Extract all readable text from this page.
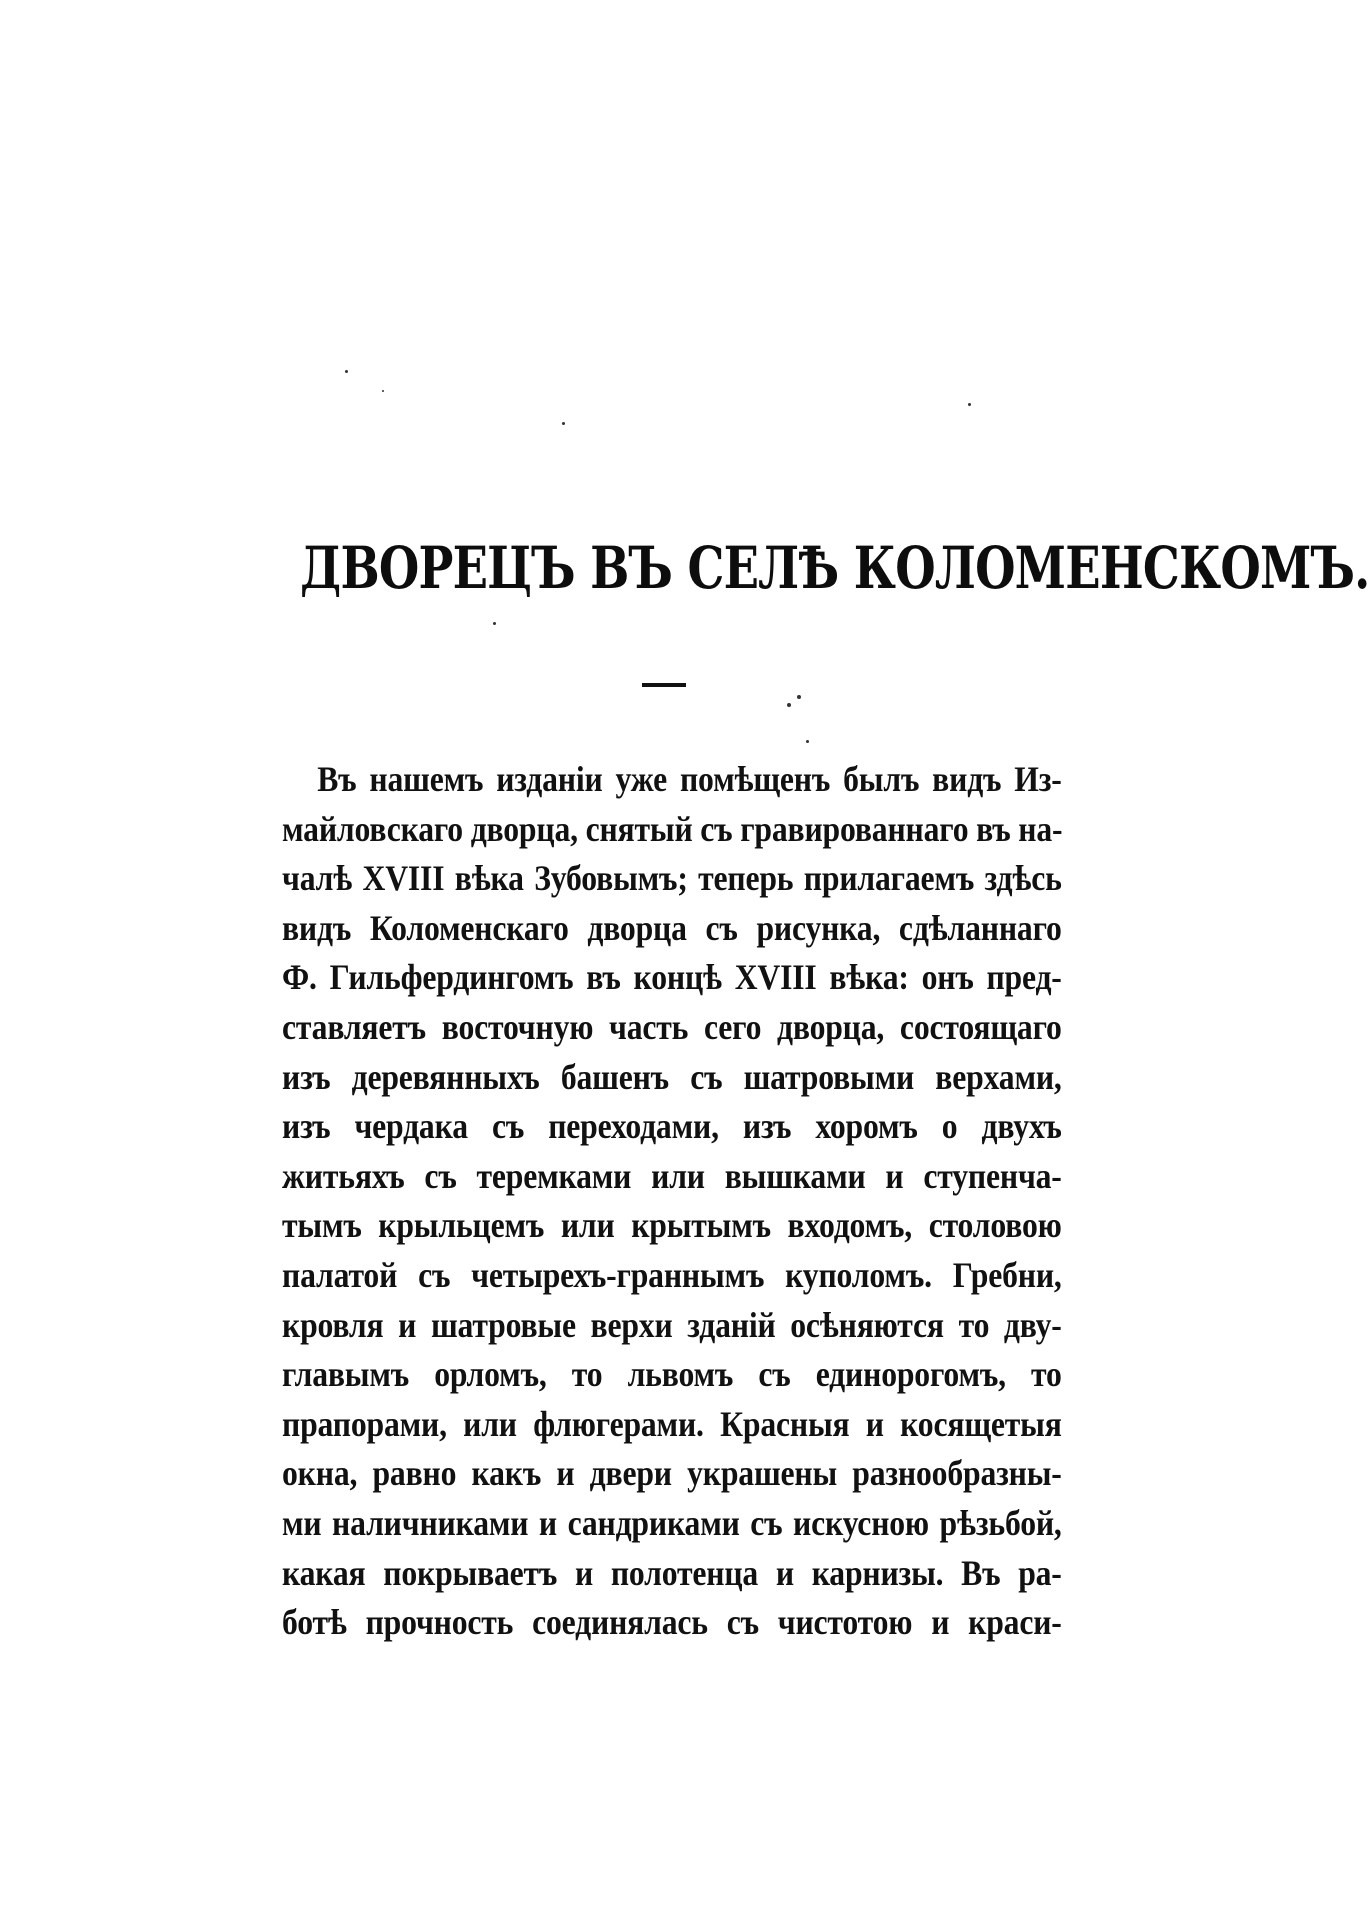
ДВОРЕЦЪ ВЪ СЕЛѢ КОЛОМЕНСКОМЪ.
Въ нашемъ изданіи уже помѣщенъ былъ видъ Из-
майловскаго дворца, снятый съ гравированнаго въ на-
чалѣ XVIII вѣка Зубовымъ; теперь прилагаемъ здѣсь
видъ Коломенскаго дворца съ рисунка, сдѣланнаго
Ф. Гильфердингомъ въ концѣ XVIII вѣка: онъ пред-
ставляетъ восточную часть сего дворца, состоящаго
изъ деревянныхъ башенъ съ шатровыми верхами,
изъ чердака съ переходами, изъ хоромъ о двухъ
житьяхъ съ теремками или вышками и ступенча-
тымъ крыльцемъ или крытымъ входомъ, столовою
палатой съ четырехъ-граннымъ куполомъ. Гребни,
кровля и шатровые верхи зданій осѣняются то дву-
главымъ орломъ, то львомъ съ единорогомъ, то
прапорами, или флюгерами. Красныя и косящетыя
окна, равно какъ и двери украшены разнообразны-
ми наличниками и сандриками съ искусною рѣзьбой,
какая покрываетъ и полотенца и карнизы. Въ ра-
ботѣ прочность соединялась съ чистотою и краси-
